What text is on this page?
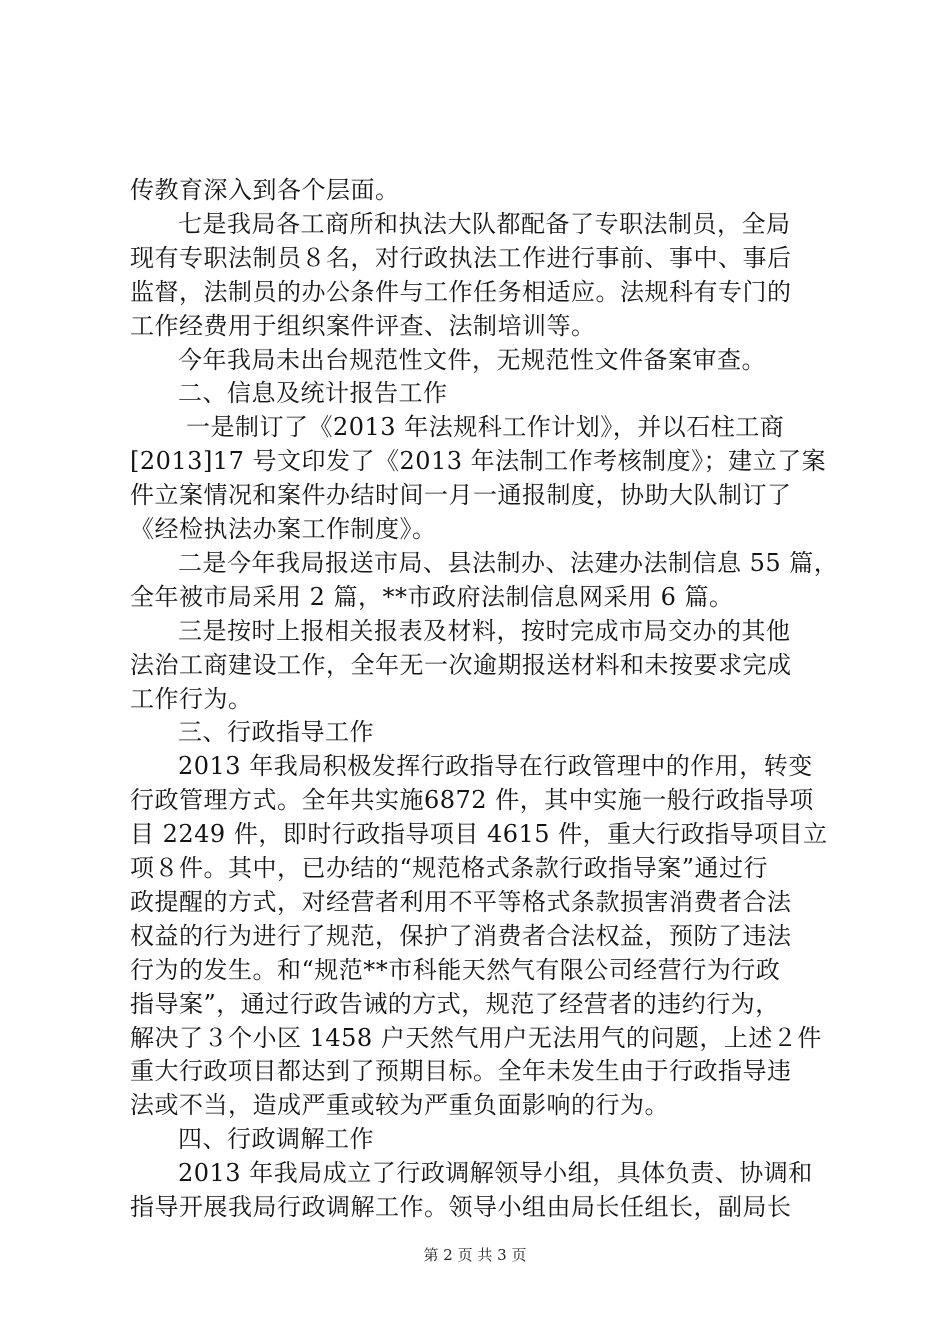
传教育深入到各个层面。
七是我局各工商所和执法大队都配备了专职法制员，全局
现有专职法制员８名，对行政执法工作进行事前、事中、事后
监督，法制员的办公条件与工作任务相适应。法规科有专门的
工作经费用于组织案件评查、法制培训等。
今年我局未出台规范性文件，无规范性文件备案审查。
二、信息及统计报告工作
一是制订了《2013 年法规科工作计划》，并以石柱工商
[2013]17 号文印发了《2013 年法制工作考核制度》；建立了案
件立案情况和案件办结时间一月一通报制度，协助大队制订了
《经检执法办案工作制度》。
二是今年我局报送市局、县法制办、法建办法制信息 55 篇，
全年被市局采用 2 篇，**市政府法制信息网采用 6 篇。
三是按时上报相关报表及材料，按时完成市局交办的其他
法治工商建设工作，全年无一次逾期报送材料和未按要求完成
工作行为。
三、行政指导工作
2013 年我局积极发挥行政指导在行政管理中的作用，转变
行政管理方式。全年共实施6872 件，其中实施一般行政指导项
目 2249 件，即时行政指导项目 4615 件，重大行政指导项目立
项８件。其中，已办结的“规范格式条款行政指导案”通过行
政提醒的方式，对经营者利用不平等格式条款损害消费者合法
权益的行为进行了规范，保护了消费者合法权益，预防了违法
行为的发生。和“规范**市科能天然气有限公司经营行为行政
指导案”，通过行政告诫的方式，规范了经营者的违约行为，
解决了３个小区 1458 户天然气用户无法用气的问题，上述２件
重大行政项目都达到了预期目标。全年未发生由于行政指导违
法或不当，造成严重或较为严重负面影响的行为。
四、行政调解工作
2013 年我局成立了行政调解领导小组，具体负责、协调和
指导开展我局行政调解工作。领导小组由局长任组长，副局长
第 2 页 共 3 页
